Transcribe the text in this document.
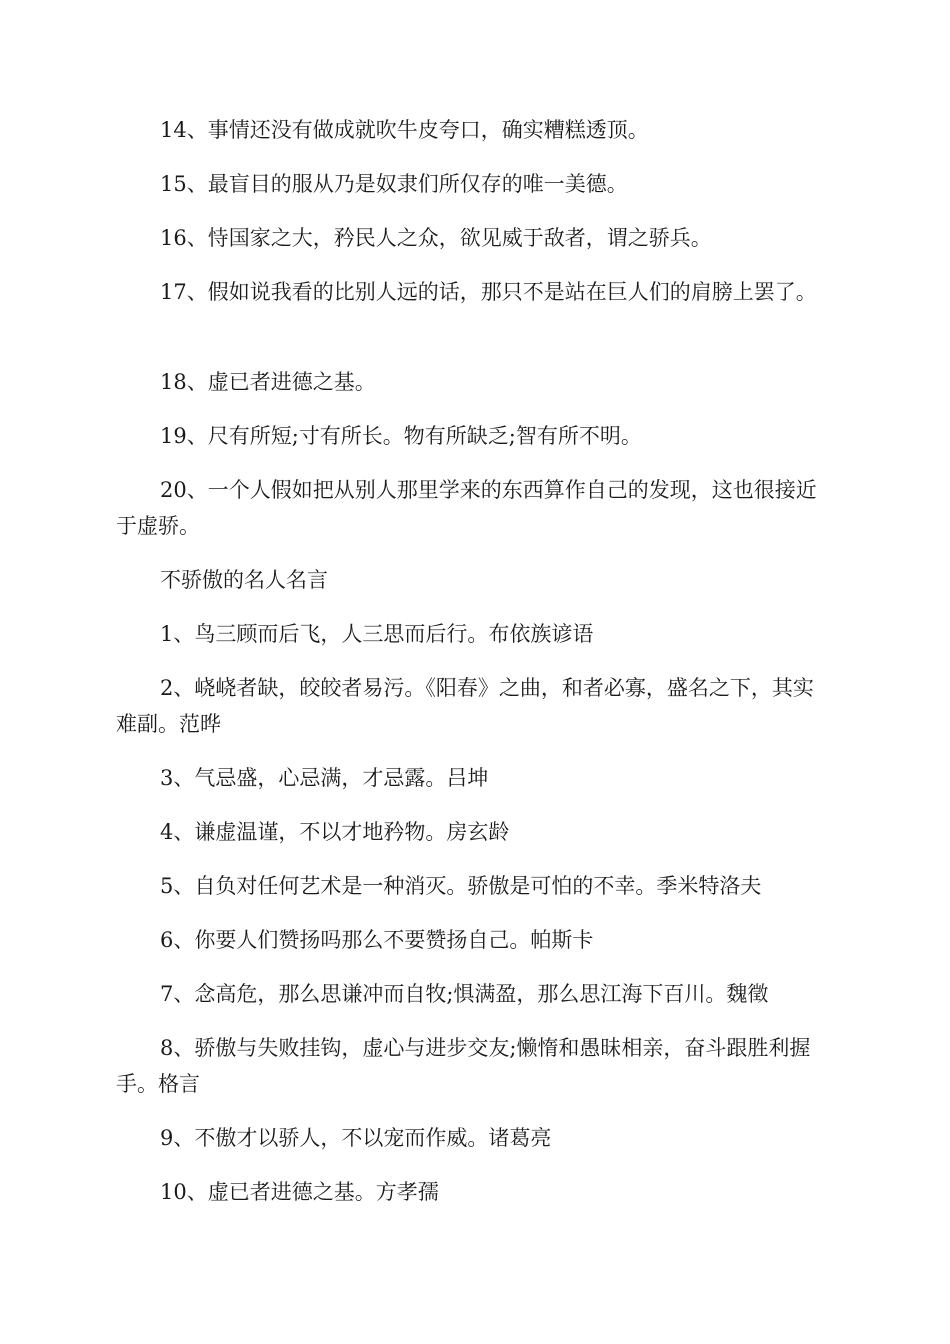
14、事情还没有做成就吹牛皮夸口，确实糟糕透顶。

15、最盲目的服从乃是奴隶们所仅存的唯一美德。

16、恃国家之大，矜民人之众，欲见威于敌者，谓之骄兵。

17、假如说我看的比别人远的话，那只不是站在巨人们的肩膀上罢了。

18、虚已者进德之基。

19、尺有所短;寸有所长。物有所缺乏;智有所不明。

20、一个人假如把从别人那里学来的东西算作自己的发现，这也很接近于虚骄。

不骄傲的名人名言

1、鸟三顾而后飞，人三思而后行。布依族谚语

2、峣峣者缺，皎皎者易污。《阳春》之曲，和者必寡，盛名之下，其实难副。范晔

3、气忌盛，心忌满，才忌露。吕坤

4、谦虚温谨，不以才地矜物。房玄龄

5、自负对任何艺术是一种消灭。骄傲是可怕的不幸。季米特洛夫

6、你要人们赞扬吗那么不要赞扬自己。帕斯卡

7、念高危，那么思谦冲而自牧;惧满盈，那么思江海下百川。魏徵

8、骄傲与失败挂钩，虚心与进步交友;懒惰和愚昧相亲，奋斗跟胜利握手。格言

9、不傲才以骄人，不以宠而作威。诸葛亮

10、虚已者进德之基。方孝孺
